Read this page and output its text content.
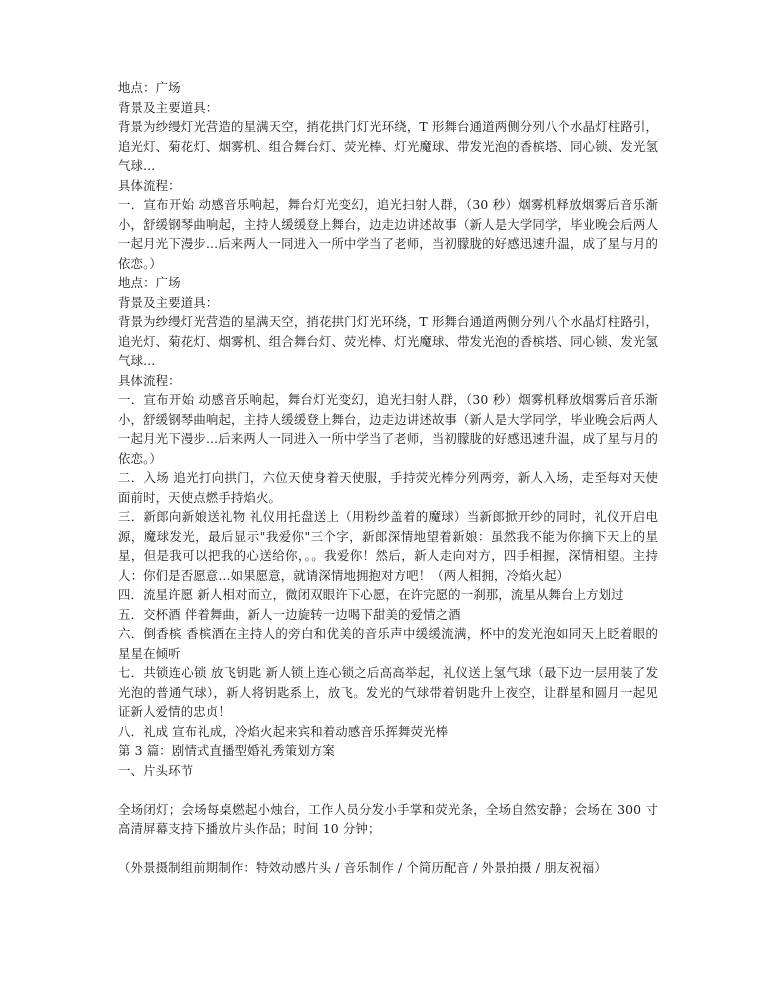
地点：广场

背景及主要道具：

背景为纱缦灯光营造的星满天空，捎花拱门灯光环绕，T 形舞台通道两侧分列八个水晶灯柱路引，追光灯、菊花灯、烟雾机、组合舞台灯、荧光棒、灯光魔球、带发光泡的香槟塔、同心锁、发光氢气球...

具体流程：

一．宣布开始 动感音乐响起，舞台灯光变幻，追光扫射人群，（30 秒）烟雾机释放烟雾后音乐渐小，舒缓钢琴曲响起，主持人缓缓登上舞台，边走边讲述故事（新人是大学同学，毕业晚会后两人一起月光下漫步...后来两人一同进入一所中学当了老师，当初朦胧的好感迅速升温，成了星与月的依恋。）

地点：广场

背景及主要道具：

背景为纱缦灯光营造的星满天空，捎花拱门灯光环绕，T 形舞台通道两侧分列八个水晶灯柱路引，追光灯、菊花灯、烟雾机、组合舞台灯、荧光棒、灯光魔球、带发光泡的香槟塔、同心锁、发光氢气球...

具体流程：

一．宣布开始 动感音乐响起，舞台灯光变幻，追光扫射人群，（30 秒）烟雾机释放烟雾后音乐渐小，舒缓钢琴曲响起，主持人缓缓登上舞台，边走边讲述故事（新人是大学同学，毕业晚会后两人一起月光下漫步...后来两人一同进入一所中学当了老师，当初朦胧的好感迅速升温，成了星与月的依恋。）

二．入场 追光打向拱门，六位天使身着天使服，手持荧光棒分列两旁，新人入场，走至每对天使面前时，天使点燃手持焰火。

三．新郎向新娘送礼物 礼仪用托盘送上（用粉纱盖着的魔球）当新郎掀开纱的同时，礼仪开启电源，魔球发光，最后显示"我爱你"三个字，新郎深情地望着新娘：虽然我不能为你摘下天上的星星，但是我可以把我的心送给你，。。我爱你！然后，新人走向对方，四手相握，深情相望。主持人：你们是否愿意...如果愿意，就请深情地拥抱对方吧！（两人相拥，冷焰火起）

四．流星许愿 新人相对而立，微闭双眼许下心愿，在许完愿的一刹那，流星从舞台上方划过

五．交杯酒 伴着舞曲，新人一边旋转一边喝下甜美的爱情之酒

六．倒香槟 香槟酒在主持人的旁白和优美的音乐声中缓缓流满，杯中的发光泡如同天上眨着眼的星星在倾听

七．共锁连心锁 放飞钥匙 新人锁上连心锁之后高高举起，礼仪送上氢气球（最下边一层用装了发光泡的普通气球），新人将钥匙系上，放飞。发光的气球带着钥匙升上夜空，让群星和圆月一起见证新人爱情的忠贞！

八．礼成 宣布礼成，冷焰火起来宾和着动感音乐挥舞荧光棒

第 3 篇：剧情式直播型婚礼秀策划方案

一、片头环节

全场闭灯；会场每桌燃起小烛台，工作人员分发小手掌和荧光条，全场自然安静；会场在 300 寸高清屏幕支持下播放片头作品；时间 10 分钟；

（外景摄制组前期制作：特效动感片头 / 音乐制作 / 个简历配音 / 外景拍摄 / 朋友祝福）
